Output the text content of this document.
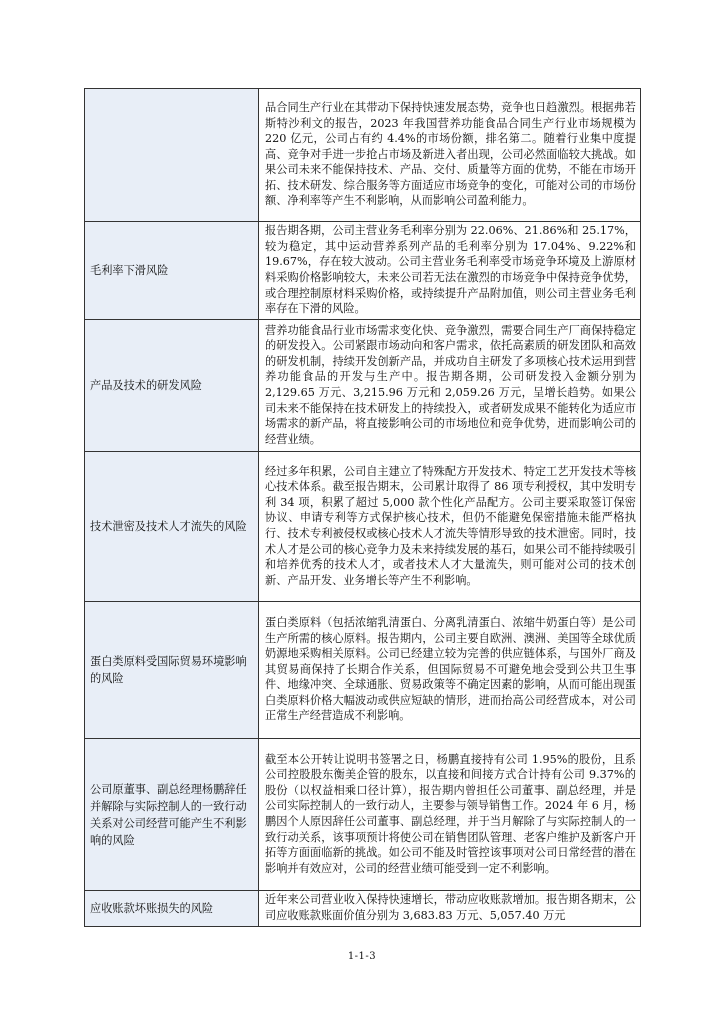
	品合同生产行业在其带动下保持快速发展态势，竞争也日趋激烈。根据弗若斯特沙利文的报告，2023 年我国营养功能食品合同生产行业市场规模为 220 亿元，公司占有约 4.4%的市场份额，排名第二。随着行业集中度提高、竞争对手进一步抢占市场及新进入者出现，公司必然面临较大挑战。如果公司未来不能保持技术、产品、交付、质量等方面的优势，不能在市场开拓、技术研发、综合服务等方面适应市场竞争的变化，可能对公司的市场份额、净利率等产生不利影响，从而影响公司盈利能力。
毛利率下滑风险	报告期各期，公司主营业务毛利率分别为 22.06%、21.86%和 25.17%，较为稳定，其中运动营养系列产品的毛利率分别为 17.04%、9.22%和 19.67%，存在较大波动。公司主营业务毛利率受市场竞争环境及上游原材料采购价格影响较大，未来公司若无法在激烈的市场竞争中保持竞争优势，或合理控制原材料采购价格，或持续提升产品附加值，则公司主营业务毛利率存在下滑的风险。
产品及技术的研发风险	营养功能食品行业市场需求变化快、竞争激烈，需要合同生产厂商保持稳定的研发投入。公司紧跟市场动向和客户需求，依托高素质的研发团队和高效的研发机制，持续开发创新产品，并成功自主研发了多项核心技术运用到营养功能食品的开发与生产中。报告期各期，公司研发投入金额分别为 2,129.65 万元、3,215.96 万元和 2,059.26 万元，呈增长趋势。如果公司未来不能保持在技术研发上的持续投入，或者研发成果不能转化为适应市场需求的新产品，将直接影响公司的市场地位和竞争优势，进而影响公司的经营业绩。
技术泄密及技术人才流失的风险	经过多年积累，公司自主建立了特殊配方开发技术、特定工艺开发技术等核心技术体系。截至报告期末，公司累计取得了 86 项专利授权，其中发明专利 34 项，积累了超过 5,000 款个性化产品配方。公司主要采取签订保密协议、申请专利等方式保护核心技术，但仍不能避免保密措施未能严格执行、技术专利被侵权或核心技术人才流失等情形导致的技术泄密。同时，技术人才是公司的核心竞争力及未来持续发展的基石，如果公司不能持续吸引和培养优秀的技术人才，或者技术人才大量流失，则可能对公司的技术创新、产品开发、业务增长等产生不利影响。
蛋白类原料受国际贸易环境影响的风险	蛋白类原料（包括浓缩乳清蛋白、分离乳清蛋白、浓缩牛奶蛋白等）是公司生产所需的核心原料。报告期内，公司主要自欧洲、澳洲、美国等全球优质奶源地采购相关原料。公司已经建立较为完善的供应链体系，与国外厂商及其贸易商保持了长期合作关系，但国际贸易不可避免地会受到公共卫生事件、地缘冲突、全球通胀、贸易政策等不确定因素的影响，从而可能出现蛋白类原料价格大幅波动或供应短缺的情形，进而抬高公司经营成本，对公司正常生产经营造成不利影响。
公司原董事、副总经理杨鹏辞任并解除与实际控制人的一致行动关系对公司经营可能产生不利影响的风险	截至本公开转让说明书签署之日，杨鹏直接持有公司 1.95%的股份，且系公司控股股东衡美企管的股东，以直接和间接方式合计持有公司 9.37%的股份（以权益相乘口径计算），报告期内曾担任公司董事、副总经理，并是公司实际控制人的一致行动人，主要参与领导销售工作。2024 年 6 月，杨鹏因个人原因辞任公司董事、副总经理，并于当月解除了与实际控制人的一致行动关系，该事项预计将使公司在销售团队管理、老客户维护及新客户开拓等方面面临新的挑战。如公司不能及时管控该事项对公司日常经营的潜在影响并有效应对，公司的经营业绩可能受到一定不利影响。
应收账款坏账损失的风险	近年来公司营业收入保持快速增长，带动应收账款增加。报告期各期末，公司应收账款账面价值分别为 3,683.83 万元、5,057.40 万元
1-1-3
